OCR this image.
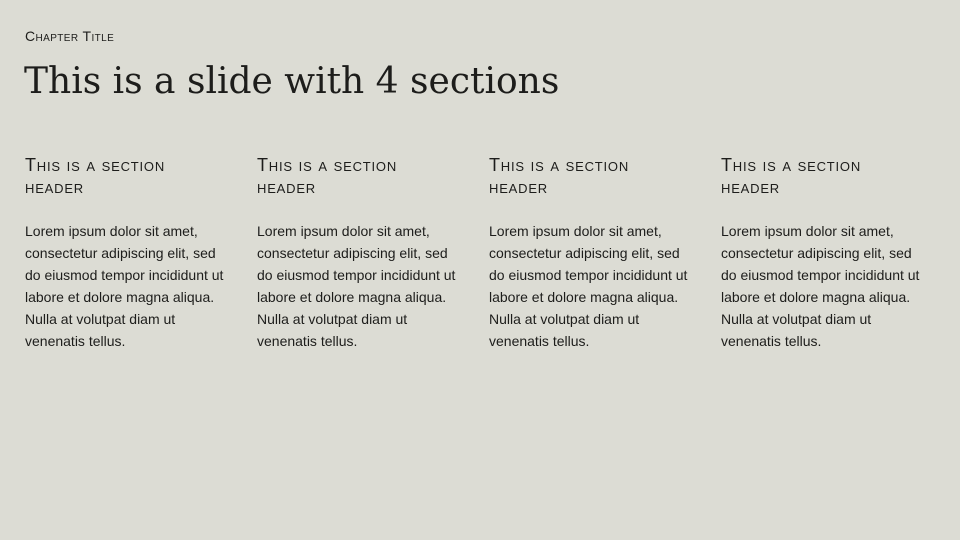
Chapter Title
This is a slide with 4 sections
This is a section header

Lorem ipsum dolor sit amet, consectetur adipiscing elit, sed do eiusmod tempor incididunt ut labore et dolore magna aliqua. Nulla at volutpat diam ut venenatis tellus.

This is a section header

Lorem ipsum dolor sit amet, consectetur adipiscing elit, sed do eiusmod tempor incididunt ut labore et dolore magna aliqua. Nulla at volutpat diam ut venenatis tellus.

This is a section header

Lorem ipsum dolor sit amet, consectetur adipiscing elit, sed do eiusmod tempor incididunt ut labore et dolore magna aliqua. Nulla at volutpat diam ut venenatis tellus.

This is a section header

Lorem ipsum dolor sit amet, consectetur adipiscing elit, sed do eiusmod tempor incididunt ut labore et dolore magna aliqua. Nulla at volutpat diam ut venenatis tellus.
